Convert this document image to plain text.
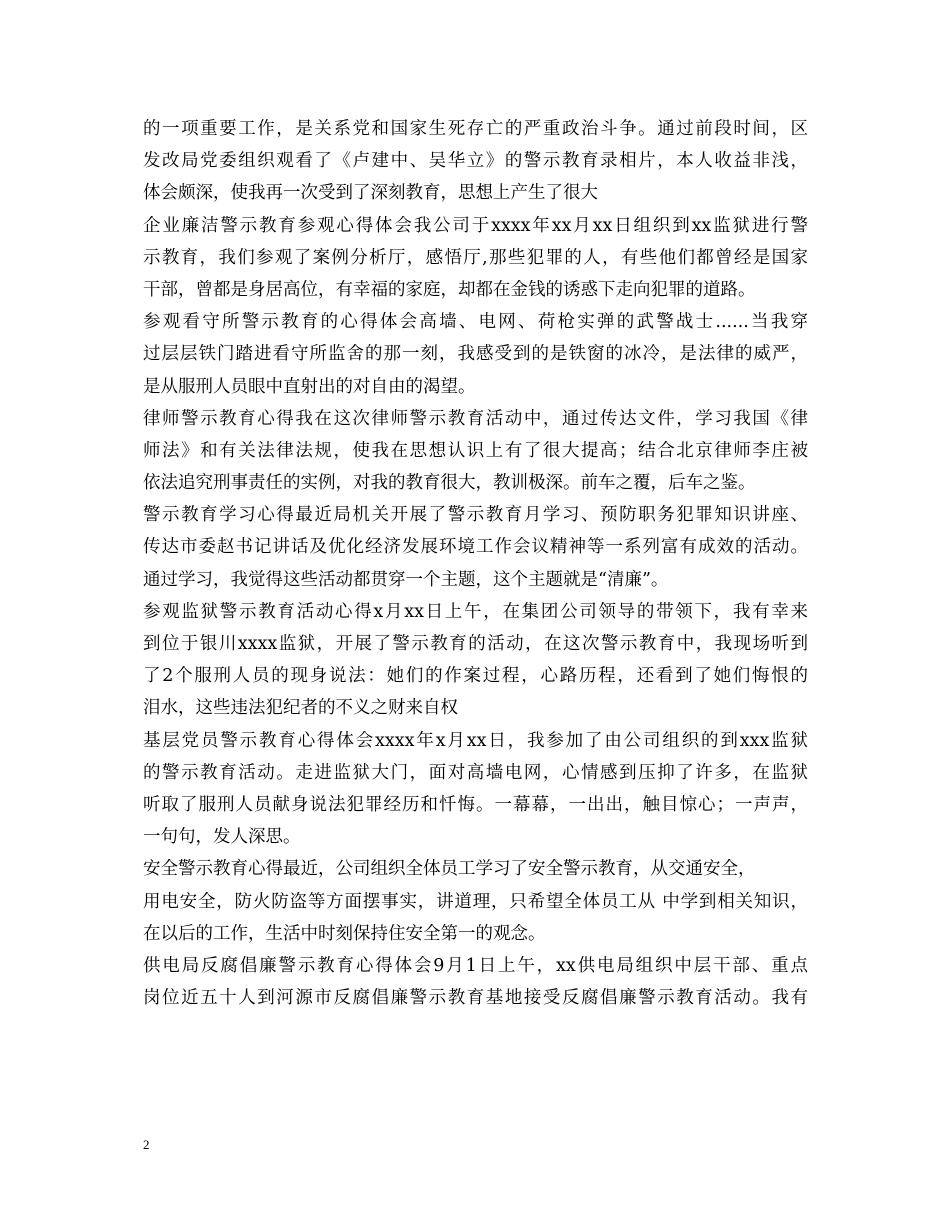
的一项重要工作，是关系党和国家生死存亡的严重政治斗争。通过前段时间，区
发改局党委组织观看了《卢建中、吴华立》的警示教育录相片，本人收益非浅，
体会颇深，使我再一次受到了深刻教育，思想上产生了很大
企业廉洁警示教育参观心得体会我公司于xxxx年xx月xx日组织到xx监狱进行警
示教育，我们参观了案例分析厅，感悟厅,那些犯罪的人，有些他们都曾经是国家
干部，曾都是身居高位，有幸福的家庭，却都在金钱的诱惑下走向犯罪的道路。
参观看守所警示教育的心得体会高墙、电网、荷枪实弹的武警战士......当我穿
过层层铁门踏进看守所监舍的那一刻，我感受到的是铁窗的冰冷，是法律的威严，
是从服刑人员眼中直射出的对自由的渴望。
律师警示教育心得我在这次律师警示教育活动中，通过传达文件，学习我国《律
师法》和有关法律法规，使我在思想认识上有了很大提高；结合北京律师李庄被
依法追究刑事责任的实例，对我的教育很大，教训极深。前车之覆，后车之鉴。
警示教育学习心得最近局机关开展了警示教育月学习、预防职务犯罪知识讲座、
传达市委赵书记讲话及优化经济发展环境工作会议精神等一系列富有成效的活动。
通过学习，我觉得这些活动都贯穿一个主题，这个主题就是“清廉”。
参观监狱警示教育活动心得x月xx日上午，在集团公司领导的带领下，我有幸来
到位于银川xxxx监狱，开展了警示教育的活动，在这次警示教育中，我现场听到
了2个服刑人员的现身说法：她们的作案过程，心路历程，还看到了她们悔恨的
泪水，这些违法犯纪者的不义之财来自权
基层党员警示教育心得体会xxxx年x月xx日，我参加了由公司组织的到xxx监狱
的警示教育活动。走进监狱大门，面对高墙电网，心情感到压抑了许多，在监狱
听取了服刑人员献身说法犯罪经历和忏悔。一幕幕，一出出，触目惊心；一声声，
一句句，发人深思。
安全警示教育心得最近，公司组织全体员工学习了安全警示教育，从交通安全，
用电安全，防火防盗等方面摆事实，讲道理，只希望全体员工从 中学到相关知识，
在以后的工作，生活中时刻保持住安全第一的观念。
供电局反腐倡廉警示教育心得体会9月1日上午，xx供电局组织中层干部、重点
岗位近五十人到河源市反腐倡廉警示教育基地接受反腐倡廉警示教育活动。我有
2
